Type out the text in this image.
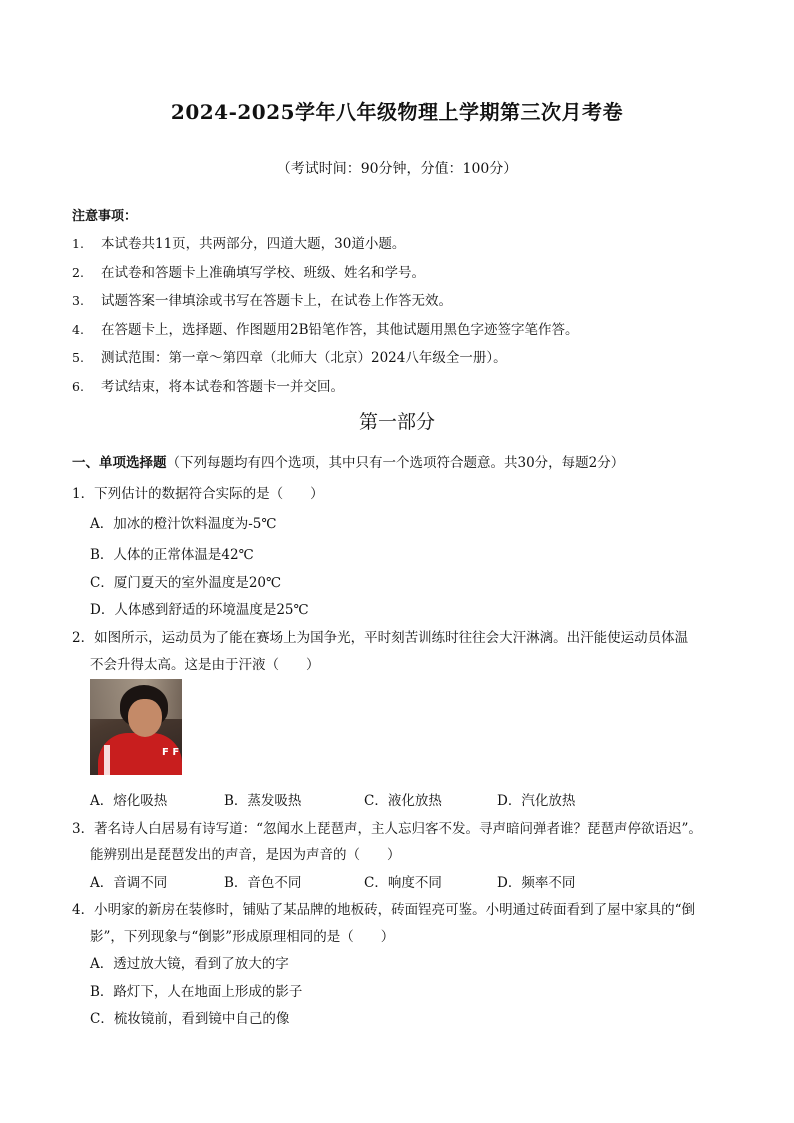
2024-2025学年八年级物理上学期第三次月考卷
（考试时间：90分钟，分值：100分）
注意事项：
1. 本试卷共11页，共两部分，四道大题，30道小题。
2. 在试卷和答题卡上准确填写学校、班级、姓名和学号。
3. 试题答案一律填涂或书写在答题卡上，在试卷上作答无效。
4. 在答题卡上，选择题、作图题用2B铅笔作答，其他试题用黑色字迹签字笔作答。
5. 测试范围：第一章～第四章（北师大（北京）2024八年级全一册）。
6. 考试结束，将本试卷和答题卡一并交回。
第一部分
一、单项选择题（下列每题均有四个选项，其中只有一个选项符合题意。共30分，每题2分）
1．下列估计的数据符合实际的是（　　）
A．加冰的橙汁饮料温度为-5℃
B．人体的正常体温是42℃
C．厦门夏天的室外温度是20℃
D．人体感到舒适的环境温度是25℃
2．如图所示，运动员为了能在赛场上为国争光，平时刻苦训练时往往会大汗淋漓。出汗能使运动员体温
不会升得太高。这是由于汗液（　　）
F F
A．熔化吸热	B．蒸发吸热	C．液化放热	D．汽化放热
3．著名诗人白居易有诗写道：“忽闻水上琵琶声，主人忘归客不发。寻声暗问弹者谁？琵琶声停欲语迟”。
能辨别出是琵琶发出的声音，是因为声音的（　　）
A．音调不同	B．音色不同	C．响度不同	D．频率不同
4．小明家的新房在装修时，铺贴了某品牌的地板砖，砖面锃亮可鉴。小明通过砖面看到了屋中家具的“倒
影”，下列现象与“倒影”形成原理相同的是（　　）
A．透过放大镜，看到了放大的字
B．路灯下，人在地面上形成的影子
C．梳妆镜前，看到镜中自己的像
